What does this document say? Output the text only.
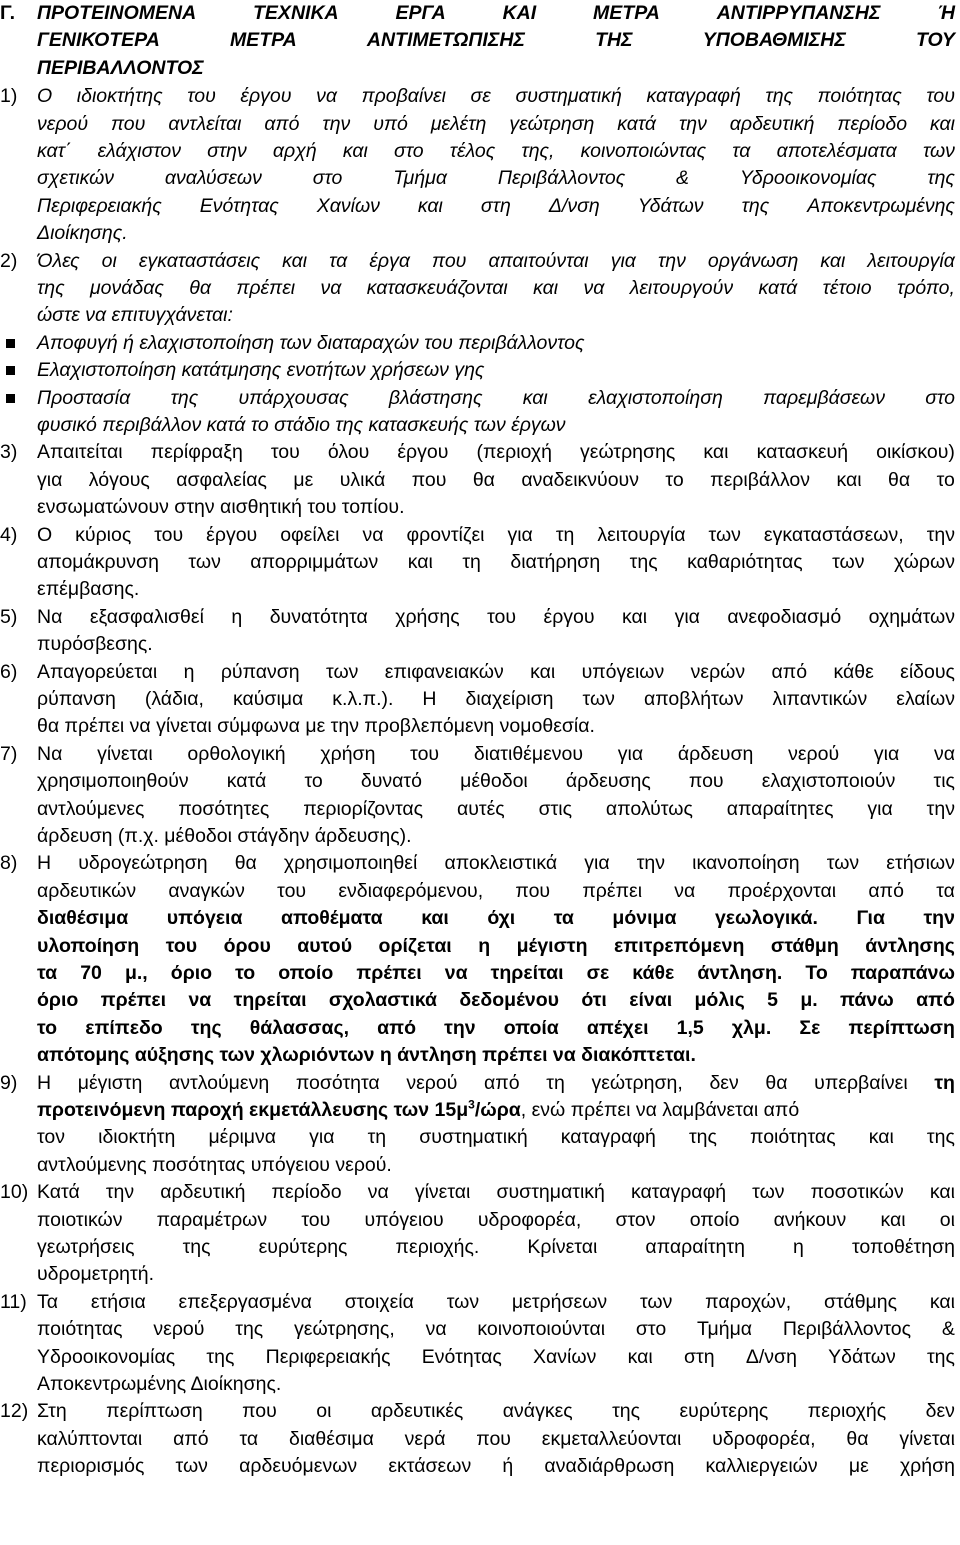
Γ. ΠΡΟΤΕΙΝΟΜΕΝΑ	ΤΕΧΝΙΚΑ	ΕΡΓΑ	ΚΑΙ	ΜΕΤΡΑ	ΑΝΤΙΡΡΥΠΑΝΣΗΣ	Ή
ΓΕΝΙΚΟΤΕΡΑ	ΜΕΤΡΑ	ΑΝΤΙΜΕΤΩΠΙΣΗΣ	ΤΗΣ	ΥΠΟΒΑΘΜΙΣΗΣ	ΤΟΥ
ΠΕΡΙΒΑΛΛΟΝΤΟΣ
1) Ο ιδιοκτήτης του έργου να προβαίνει σε συστηματική καταγραφή της ποιότητας του
νερού που αντλείται από την υπό μελέτη γεώτρηση κατά την αρδευτική περίοδο και
κατ΄ ελάχιστον στην αρχή και στο τέλος της, κοινοποιώντας τα αποτελέσματα των
σχετικών	αναλύσεων	στο	Τμήμα	Περιβάλλοντος	&	Υδροοικονομίας	της
Περιφερειακής Ενότητας Χανίων και στη Δ/νση Υδάτων της Αποκεντρωμένης
Διοίκησης.
2) Όλες οι εγκαταστάσεις και τα έργα που απαιτούνται για την οργάνωση και λειτουργία
της μονάδας θα πρέπει να κατασκευάζονται και να λειτουργούν κατά τέτοιο τρόπο,
ώστε να επιτυγχάνεται:
Αποφυγή ή ελαχιστοποίηση των διαταραχών του περιβάλλοντος
Ελαχιστοποίηση κατάτμησης ενοτήτων χρήσεων γης
Προστασία της υπάρχουσας βλάστησης και ελαχιστοποίηση παρεμβάσεων στο
φυσικό περιβάλλον κατά το στάδιο της κατασκευής των έργων
3) Απαιτείται περίφραξη του όλου έργου (περιοχή γεώτρησης και κατασκευή οικίσκου)
για λόγους ασφαλείας με υλικά που θα αναδεικνύουν το περιβάλλον και θα το
ενσωματώνουν στην αισθητική του τοπίου.
4) Ο κύριος του έργου οφείλει να φροντίζει για τη λειτουργία των εγκαταστάσεων, την
απομάκρυνση των απορριμμάτων και τη διατήρηση της καθαριότητας των χώρων
επέμβασης.
5) Να εξασφαλισθεί η δυνατότητα χρήσης του έργου και για ανεφοδιασμό οχημάτων
πυρόσβεσης.
6) Απαγορεύεται η ρύπανση των επιφανειακών και υπόγειων νερών από κάθε είδους
ρύπανση (λάδια, καύσιμα κ.λ.π.). Η διαχείριση των αποβλήτων λιπαντικών ελαίων
θα πρέπει να γίνεται σύμφωνα με την προβλεπόμενη νομοθεσία.
7) Να γίνεται ορθολογική χρήση του διατιθέμενου για άρδευση νερού για να
χρησιμοποιηθούν κατά το δυνατό μέθοδοι άρδευσης που ελαχιστοποιούν τις
αντλούμενες ποσότητες περιορίζοντας αυτές στις απολύτως απαραίτητες για την
άρδευση (π.χ. μέθοδοι στάγδην άρδευσης).
8) Η υδρογεώτρηση θα χρησιμοποιηθεί αποκλειστικά για την ικανοποίηση των ετήσιων
αρδευτικών αναγκών του ενδιαφερόμενου, που πρέπει να προέρχονται από τα
διαθέσιμα υπόγεια αποθέματα και όχι τα μόνιμα γεωλογικά. Για την
υλοποίηση του όρου αυτού ορίζεται η μέγιστη επιτρεπόμενη στάθμη άντλησης
τα 70 μ., όριο το οποίο πρέπει να τηρείται σε κάθε άντληση. Το παραπάνω
όριο πρέπει να τηρείται σχολαστικά δεδομένου ότι είναι μόλις 5 μ. πάνω από
το επίπεδο της θάλασσας, από την οποία απέχει 1,5 χλμ. Σε περίπτωση
απότομης αύξησης των χλωριόντων η άντληση πρέπει να διακόπτεται.
9) Η μέγιστη αντλούμενη ποσότητα νερού από τη γεώτρηση, δεν θα υπερβαίνει τη
προτεινόμενη παροχή εκμετάλλευσης των $15\mu^3$/ώρα, ενώ πρέπει να λαμβάνεται από
τον ιδιοκτήτη μέριμνα για τη συστηματική καταγραφή της ποιότητας και της
αντλούμενης ποσότητας υπόγειου νερού.
10) Κατά την αρδευτική περίοδο να γίνεται συστηματική καταγραφή των ποσοτικών και
ποιοτικών παραμέτρων του υπόγειου υδροφορέα, στον οποίο ανήκουν και οι
γεωτρήσεις της ευρύτερης περιοχής. Κρίνεται απαραίτητη η τοποθέτηση
υδρομετρητή.
11) Τα ετήσια επεξεργασμένα στοιχεία των μετρήσεων των παροχών, στάθμης και
ποιότητας νερού της γεώτρησης, να κοινοποιούνται στο Τμήμα Περιβάλλοντος &
Υδροοικονομίας της Περιφερειακής Ενότητας Χανίων και στη Δ/νση Υδάτων της
Αποκεντρωμένης Διοίκησης.
12) Στη περίπτωση που οι αρδευτικές ανάγκες της ευρύτερης περιοχής δεν
καλύπτονται από τα διαθέσιμα νερά που εκμεταλλεύονται υδροφορέα, θα γίνεται
περιορισμός των αρδευόμενων εκτάσεων ή αναδιάρθρωση καλλιεργειών με χρήση
